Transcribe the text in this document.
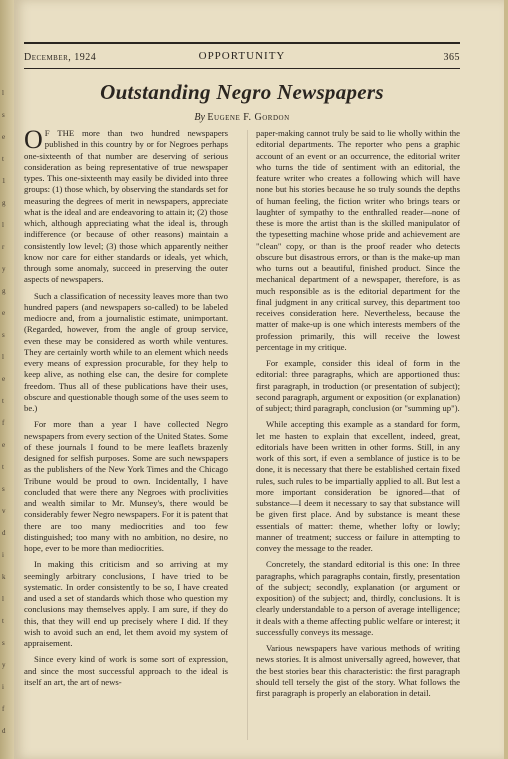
l
s
e
t
1
g
l
r
y
g
e
s
l
e
t
f
e
t
s
v
d
i
k
l
t
s
y
i
f
d
December, 1924	OPPORTUNITY	365
Outstanding Negro Newspapers
By Eugene F. Gordon

O F THE more than two hundred newspapers published in this country by or for Negroes perhaps one-sixteenth of that number are deserving of serious consideration as being representative of true newspaper types. This one-sixteenth may easily be divided into three groups: (1) those which, by observing the standards set for measuring the degrees of merit in newspapers, appreciate what is the ideal and are endeavoring to attain it; (2) those which, although appreciating what the ideal is, through indifference (or because of other reasons) maintain a consistently low level; (3) those which apparently neither know nor care for either standards or ideals, yet which, through some anomaly, succeed in preserving the outer aspects of newspapers.

Such a classification of necessity leaves more than two hundred papers (and newspapers so-called) to be labeled mediocre and, from a journalistic estimate, unimportant. (Regarded, however, from the angle of group service, even these may be considered as worth while ventures. They are certainly worth while to an element which needs every means of expression procurable, for they help to keep alive, as nothing else can, the desire for complete freedom. Thus all of these publications have their uses, obscure and questionable though some of the uses seem to be.)

For more than a year I have collected Negro newspapers from every section of the United States. Some of these journals I found to be mere leaflets brazenly designed for selfish purposes. Some are such newspapers as the publishers of the New York Times and the Chicago Tribune would be proud to own. Incidentally, I have concluded that were there any Negroes with proclivities and wealth similar to Mr. Munsey's, there would be considerably fewer Negro newspapers. For it is patent that there are too many mediocrities and too few distinguished; too many with no ambition, no desire, no hope, ever to be more than mediocrities.

In making this criticism and so arriving at my seemingly arbitrary conclusions, I have tried to be systematic. In order consistently to be so, I have created and used a set of standards which those who question my conclusions may themselves apply. I am sure, if they do this, that they will end up precisely where I did. If they wish to avoid such an end, let them avoid my system of appraisement.

Since every kind of work is some sort of expression, and since the most successful approach to the ideal is itself an art, the art of news-

paper-making cannot truly be said to lie wholly within the editorial departments. The reporter who pens a graphic account of an event or an occurrence, the editorial writer who turns the tide of sentiment with an editorial, the feature writer who creates a following which will have none but his stories because he so truly sounds the depths of human feeling, the fiction writer who brings tears or laughter of sympathy to the enthralled reader—none of these is more the artist than is the skilled manipulator of the typesetting machine whose pride and achievement are "clean" copy, or than is the proof reader who detects obscure but disastrous errors, or than is the make-up man who turns out a beautiful, finished product. Since the mechanical department of a newspaper, therefore, is as much responsible as is the editorial department for the final judgment in any critical survey, this department too receives consideration here. Nevertheless, because the matter of make-up is one which interests members of the profession primarily, this will receive the lowest percentage in my critique.

For example, consider this ideal of form in the editorial: three paragraphs, which are apportioned thus: first paragraph, in troduction (or presentation of subject); second paragraph, argument or exposition (or explanation) of subject; third paragraph, conclusion (or "summing up").

While accepting this example as a standard for form, let me hasten to explain that excellent, indeed, great, editorials have been written in other forms. Still, in any work of this sort, if even a semblance of justice is to be done, it is necessary that there be established certain fixed rules, such rules to be impartially applied to all. But lest a more important consideration be ignored—that of substance—I deem it necessary to say that substance will be given first place. And by substance is meant these essentials of matter: theme, whether lofty or lowly; manner of treatment; success or failure in attempting to convey the message to the reader.

Concretely, the standard editorial is this one: In three paragraphs, which paragraphs contain, firstly, presentation of the subject; secondly, explanation (or argument or exposition) of the subject; and, thirdly, conclusions. It is clearly understandable to a person of average intelligence; it deals with a theme affecting public welfare or interest; it successfully conveys its message.

Various newspapers have various methods of writing news stories. It is almost universally agreed, however, that the best stories bear this characteristic: the first paragraph should tell tersely the gist of the story. What follows the first paragraph is properly an elaboration in detail.
